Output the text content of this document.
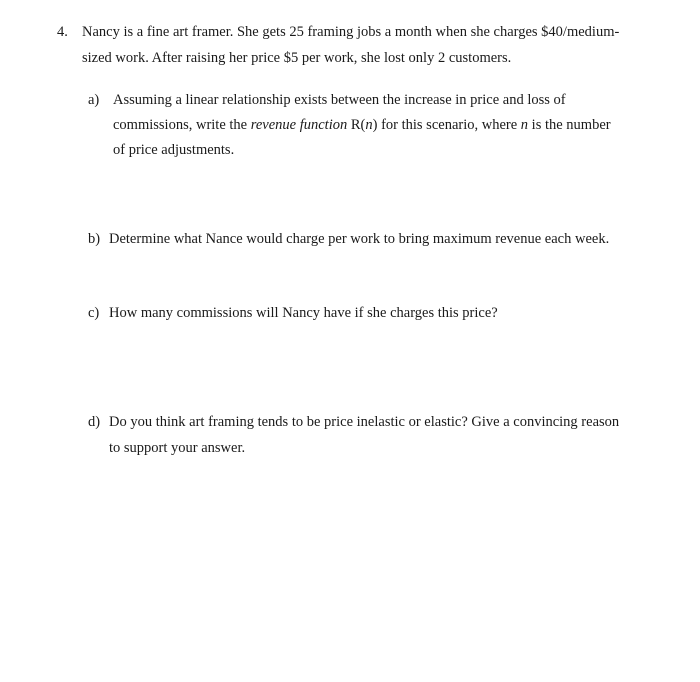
4. Nancy is a fine art framer. She gets 25 framing jobs a month when she charges $40/medium-
sized work. After raising her price $5 per work, she lost only 2 customers.
a) Assuming a linear relationship exists between the increase in price and loss of
commissions, write the revenue function R(n) for this scenario, where n is the number
of price adjustments.
b) Determine what Nance would charge per work to bring maximum revenue each week.
c) How many commissions will Nancy have if she charges this price?
d) Do you think art framing tends to be price inelastic or elastic? Give a convincing reason
to support your answer.
